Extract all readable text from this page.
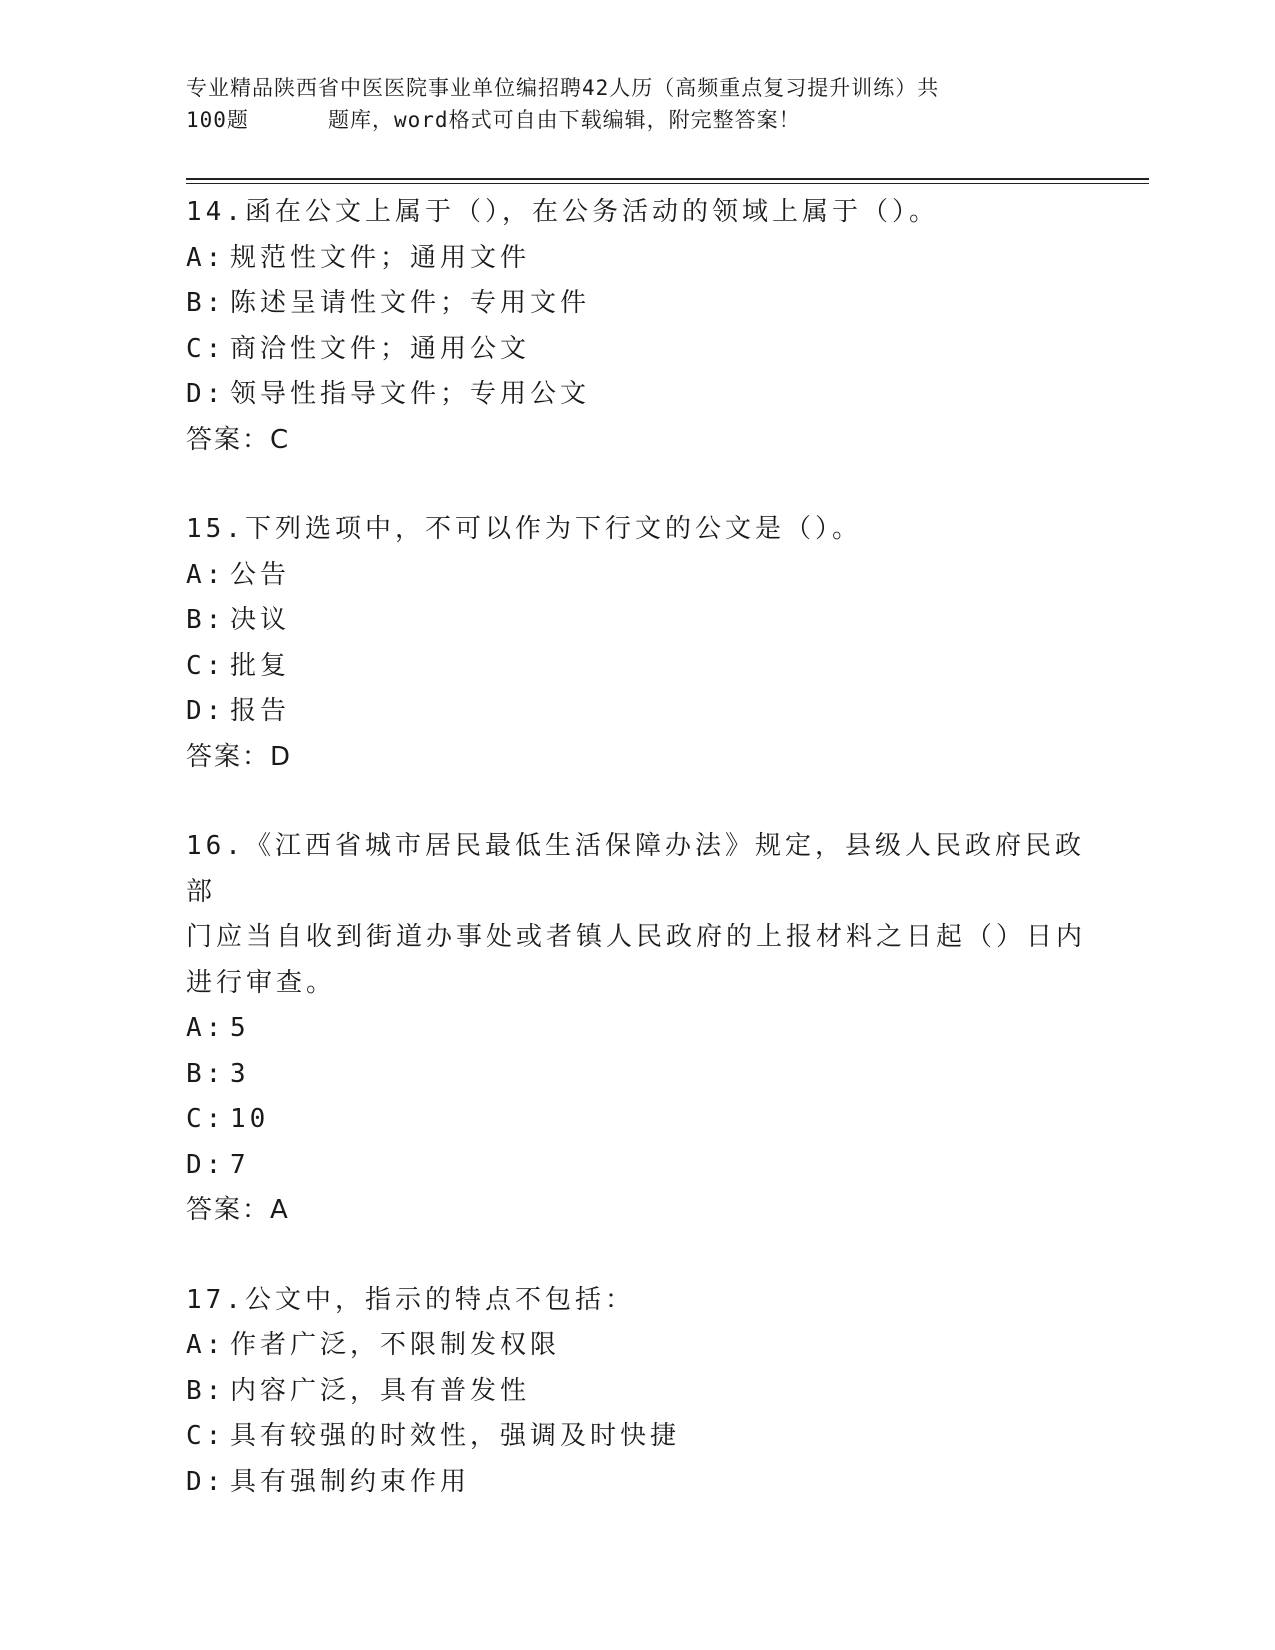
专业精品陕西省中医医院事业单位编招聘42人历（高频重点复习提升训练）共
100题	题库，word格式可自由下载编辑，附完整答案！
14.函在公文上属于（），在公务活动的领域上属于（）。
A: 规范性文件；通用文件
B: 陈述呈请性文件；专用文件
C: 商洽性文件；通用公文
D: 领导性指导文件；专用公文
答案：C
15.下列选项中，不可以作为下行文的公文是（）。
A: 公告
B: 决议
C: 批复
D: 报告
答案：D
16.《江西省城市居民最低生活保障办法》规定，县级人民政府民政部
门应当自收到街道办事处或者镇人民政府的上报材料之日起（）日内
进行审查。
A: 5
B: 3
C: 10
D: 7
答案：A
17.公文中，指示的特点不包括：
A: 作者广泛，不限制发权限
B: 内容广泛，具有普发性
C: 具有较强的时效性，强调及时快捷
D: 具有强制约束作用
